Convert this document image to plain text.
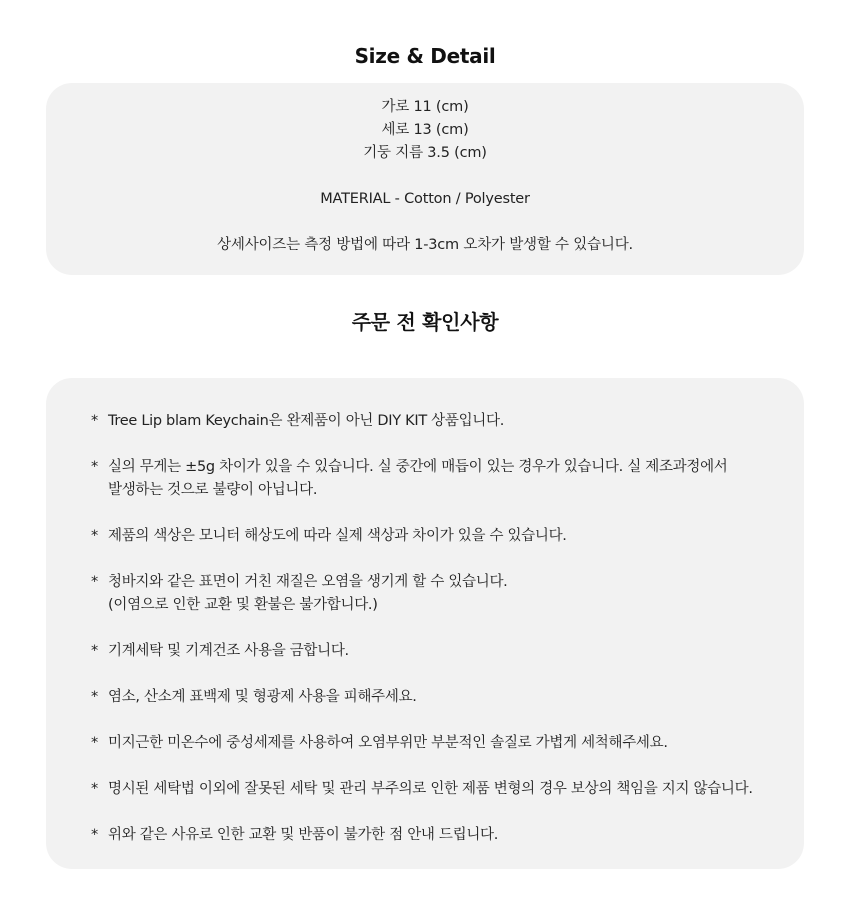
Size & Detail
가로 11 (cm)
세로 13 (cm)
기둥 지름 3.5 (cm)
MATERIAL - Cotton / Polyester
상세사이즈는 측정 방법에 따라 1-3cm 오차가 발생할 수 있습니다.
주문 전 확인사항
* Tree Lip blam Keychain은 완제품이 아닌 DIY KIT 상품입니다.
* 실의 무게는 ±5g 차이가 있을 수 있습니다. 실 중간에 매듭이 있는 경우가 있습니다. 실 제조과정에서
발생하는 것으로 불량이 아닙니다.
* 제품의 색상은 모니터 해상도에 따라 실제 색상과 차이가 있을 수 있습니다.
* 청바지와 같은 표면이 거친 재질은 오염을 생기게 할 수 있습니다.
(이염으로 인한 교환 및 환불은 불가합니다.)
* 기계세탁 및 기계건조 사용을 금합니다.
* 염소, 산소계 표백제 및 형광제 사용을 피해주세요.
* 미지근한 미온수에 중성세제를 사용하여 오염부위만 부분적인 솔질로 가볍게 세척해주세요.
* 명시된 세탁법 이외에 잘못된 세탁 및 관리 부주의로 인한 제품 변형의 경우 보상의 책임을 지지 않습니다.
* 위와 같은 사유로 인한 교환 및 반품이 불가한 점 안내 드립니다.
